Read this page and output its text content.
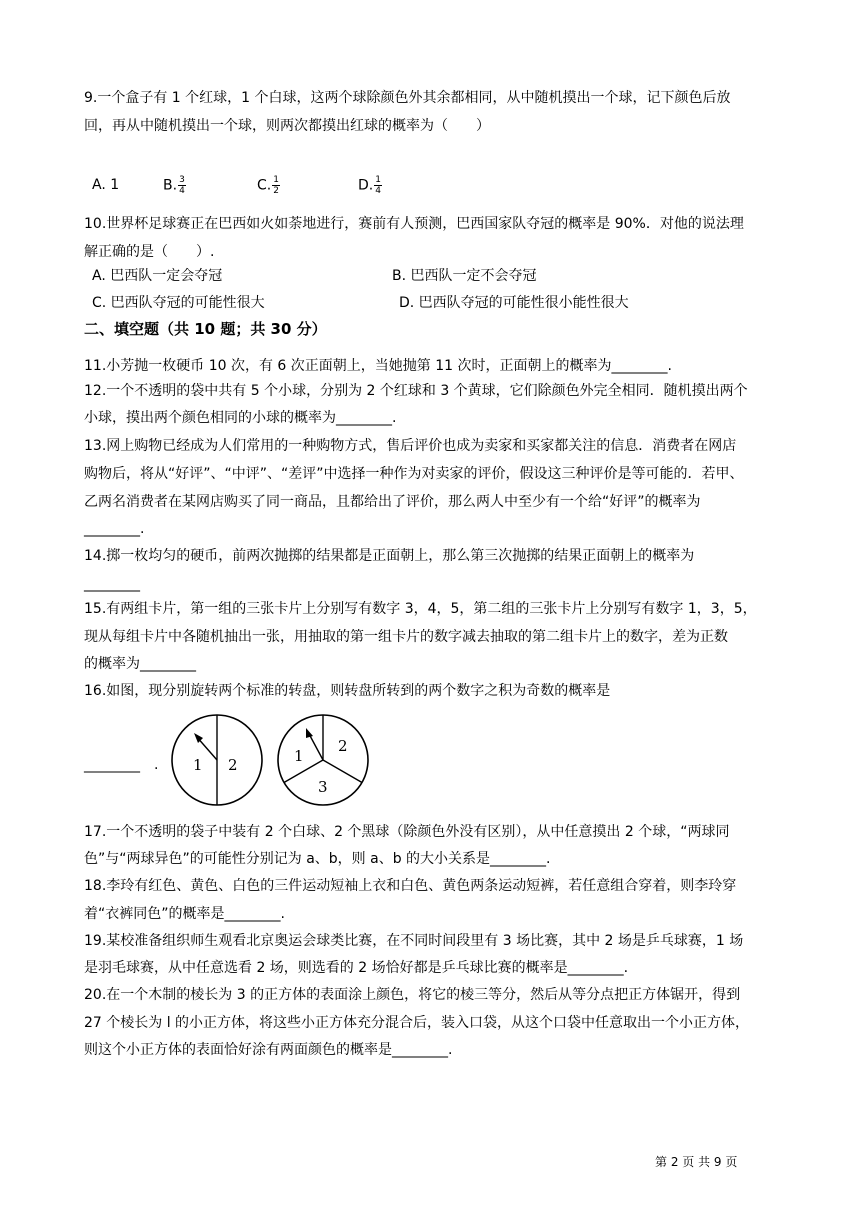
9.一个盒子有 1 个红球，1 个白球，这两个球除颜色外其余都相同，从中随机摸出一个球，记下颜色后放
回，再从中随机摸出一个球，则两次都摸出红球的概率为（　　）
A. 1	B. $\frac{3}{4}$	C. $\frac{1}{2}$	D. $\frac{1}{4}$
10.世界杯足球赛正在巴西如火如荼地进行，赛前有人预测，巴西国家队夺冠的概率是 90%．对他的说法理
解正确的是（　　）.
A. 巴西队一定会夺冠	B. 巴西队一定不会夺冠
C. 巴西队夺冠的可能性很大	D. 巴西队夺冠的可能性很小能性很大
二、填空题（共 10 题；共 30 分）
11.小芳抛一枚硬币 10 次，有 6 次正面朝上，当她抛第 11 次时，正面朝上的概率为________.
12.一个不透明的袋中共有 5 个小球，分别为 2 个红球和 3 个黄球，它们除颜色外完全相同．随机摸出两个
小球，摸出两个颜色相同的小球的概率为________.
13.网上购物已经成为人们常用的一种购物方式，售后评价也成为卖家和买家都关注的信息．消费者在网店
购物后，将从“好评”、“中评”、“差评”中选择一种作为对卖家的评价，假设这三种评价是等可能的．若甲、
乙两名消费者在某网店购买了同一商品，且都给出了评价，那么两人中至少有一个给“好评”的概率为
________.
14.掷一枚均匀的硬币，前两次抛掷的结果都是正面朝上，那么第三次抛掷的结果正面朝上的概率为
________
15.有两组卡片，第一组的三张卡片上分别写有数字 3，4，5，第二组的三张卡片上分别写有数字 1，3，5，
现从每组卡片中各随机抽出一张，用抽取的第一组卡片的数字减去抽取的第二组卡片上的数字，差为正数
的概率为________
16.如图，现分别旋转两个标准的转盘，则转盘所转到的两个数字之积为奇数的概率是
________　. 1 2	1
2
3
17.一个不透明的袋子中装有 2 个白球、2 个黑球（除颜色外没有区别），从中任意摸出 2 个球，“两球同
色”与“两球异色”的可能性分别记为 a、b，则 a、b 的大小关系是________.
18.李玲有红色、黄色、白色的三件运动短袖上衣和白色、黄色两条运动短裤，若任意组合穿着，则李玲穿
着“衣裤同色”的概率是________.
19.某校准备组织师生观看北京奥运会球类比赛，在不同时间段里有 3 场比赛，其中 2 场是乒乓球赛，1 场
是羽毛球赛，从中任意选看 2 场，则选看的 2 场恰好都是乒乓球比赛的概率是________.
20.在一个木制的棱长为 3 的正方体的表面涂上颜色，将它的棱三等分，然后从等分点把正方体锯开，得到
27 个棱长为 l 的小正方体，将这些小正方体充分混合后，装入口袋，从这个口袋中任意取出一个小正方体，
则这个小正方体的表面恰好涂有两面颜色的概率是________.
第 2 页 共 9 页
